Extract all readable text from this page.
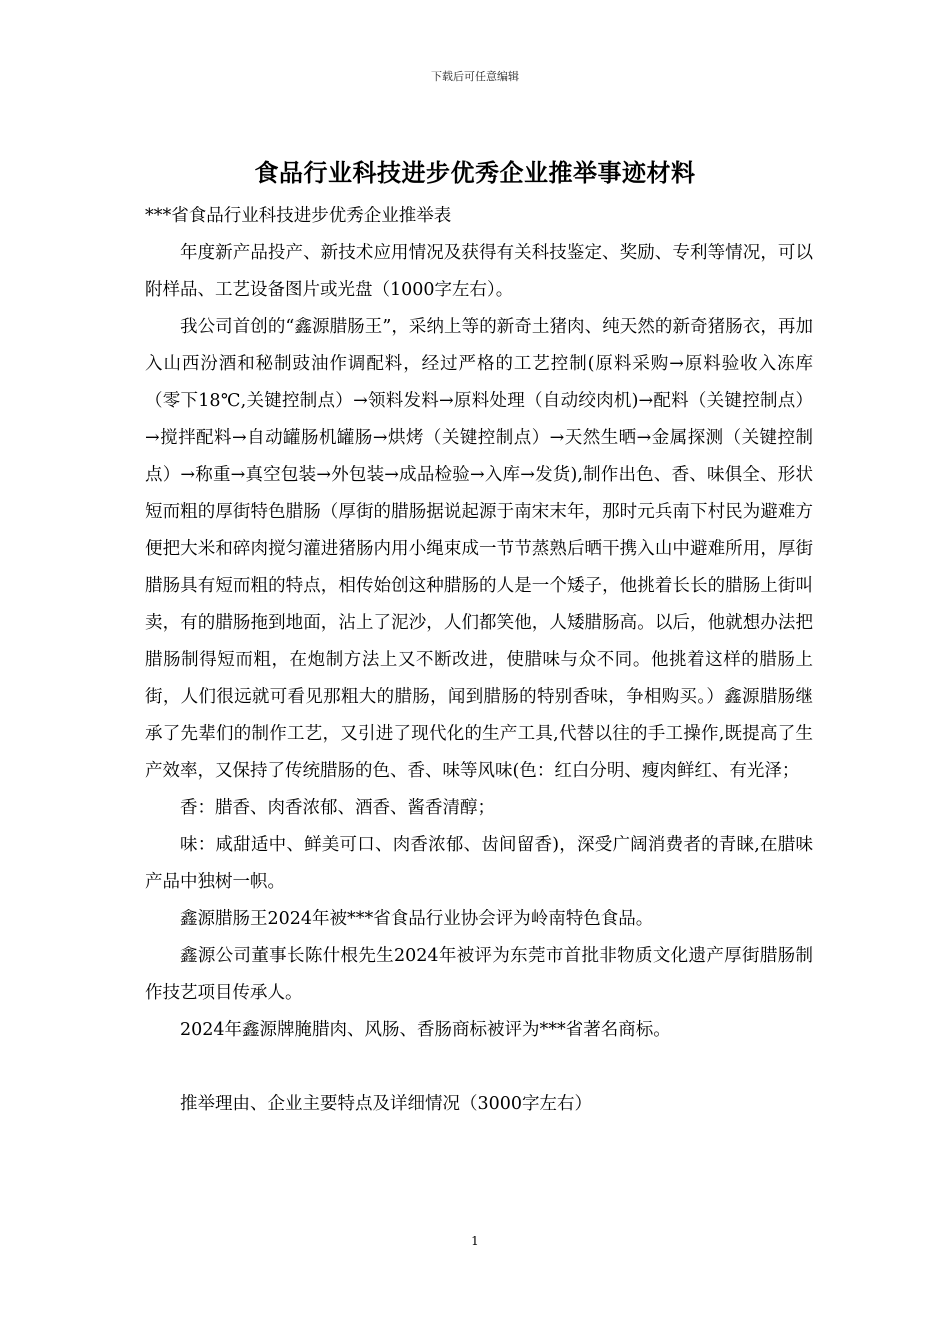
下载后可任意编辑
食品行业科技进步优秀企业推举事迹材料

***省食品行业科技进步优秀企业推举表

年度新产品投产、新技术应用情况及获得有关科技鉴定、奖励、专利等情况，可以附样品、工艺设备图片或光盘（1000字左右）。

我公司首创的“鑫源腊肠王”，采纳上等的新奇土猪肉、纯天然的新奇猪肠衣，再加入山西汾酒和秘制豉油作调配料，经过严格的工艺控制(原料采购→原料验收入冻库（零下18℃,关键控制点）→领料发料→原料处理（自动绞肉机)→配料（关键控制点）→搅拌配料→自动罐肠机罐肠→烘烤（关键控制点）→天然生晒→金属探测（关键控制点）→称重→真空包装→外包装→成品检验→入库→发货),制作出色、香、味俱全、形状短而粗的厚街特色腊肠（厚街的腊肠据说起源于南宋末年，那时元兵南下村民为避难方便把大米和碎肉搅匀灌进猪肠内用小绳束成一节节蒸熟后晒干携入山中避难所用，厚街腊肠具有短而粗的特点，相传始创这种腊肠的人是一个矮子，他挑着长长的腊肠上街叫卖，有的腊肠拖到地面，沾上了泥沙，人们都笑他，人矮腊肠高。以后，他就想办法把腊肠制得短而粗，在炮制方法上又不断改进，使腊味与众不同。他挑着这样的腊肠上街，人们很远就可看见那粗大的腊肠，闻到腊肠的特别香味，争相购买。）鑫源腊肠继承了先辈们的制作工艺，又引进了现代化的生产工具,代替以往的手工操作,既提高了生产效率，又保持了传统腊肠的色、香、味等风味(色：红白分明、瘦肉鲜红、有光泽；

香：腊香、肉香浓郁、酒香、酱香清醇；

味：咸甜适中、鲜美可口、肉香浓郁、齿间留香)，深受广阔消费者的青睐,在腊味产品中独树一帜。

鑫源腊肠王2024年被***省食品行业协会评为岭南特色食品。

鑫源公司董事长陈什根先生2024年被评为东莞市首批非物质文化遗产厚街腊肠制作技艺项目传承人。

2024年鑫源牌腌腊肉、风肠、香肠商标被评为***省著名商标。

推举理由、企业主要特点及详细情况（3000字左右）

1
